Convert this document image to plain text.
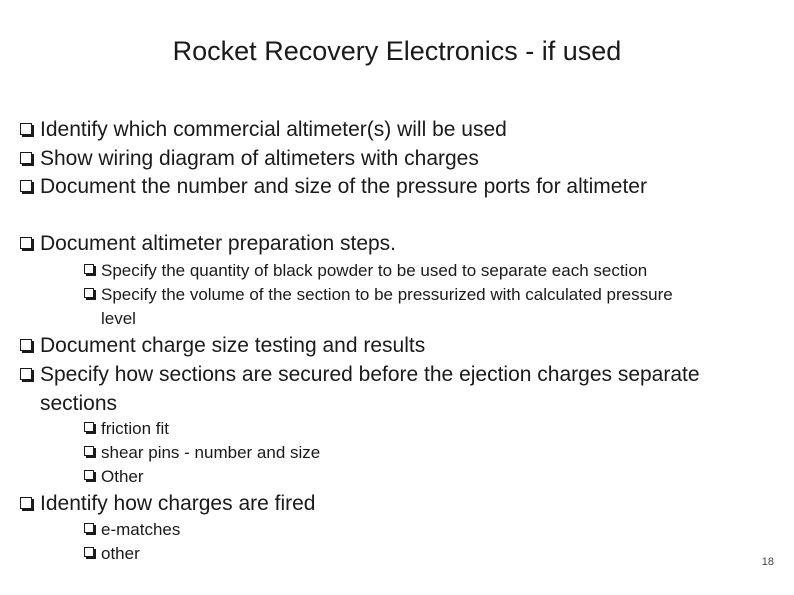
Rocket Recovery Electronics - if used
Identify which commercial altimeter(s) will be used
Show wiring diagram of altimeters with charges
Document the number and size of the pressure ports for altimeter
Document altimeter preparation steps.
Specify the quantity of black powder to be used to separate each section
Specify the volume of the section to be pressurized with calculated pressure level
Document charge size testing and results
Specify how sections are secured before the ejection charges separate sections
friction fit
shear pins - number and size
Other
Identify how charges are fired
e-matches
other	18
